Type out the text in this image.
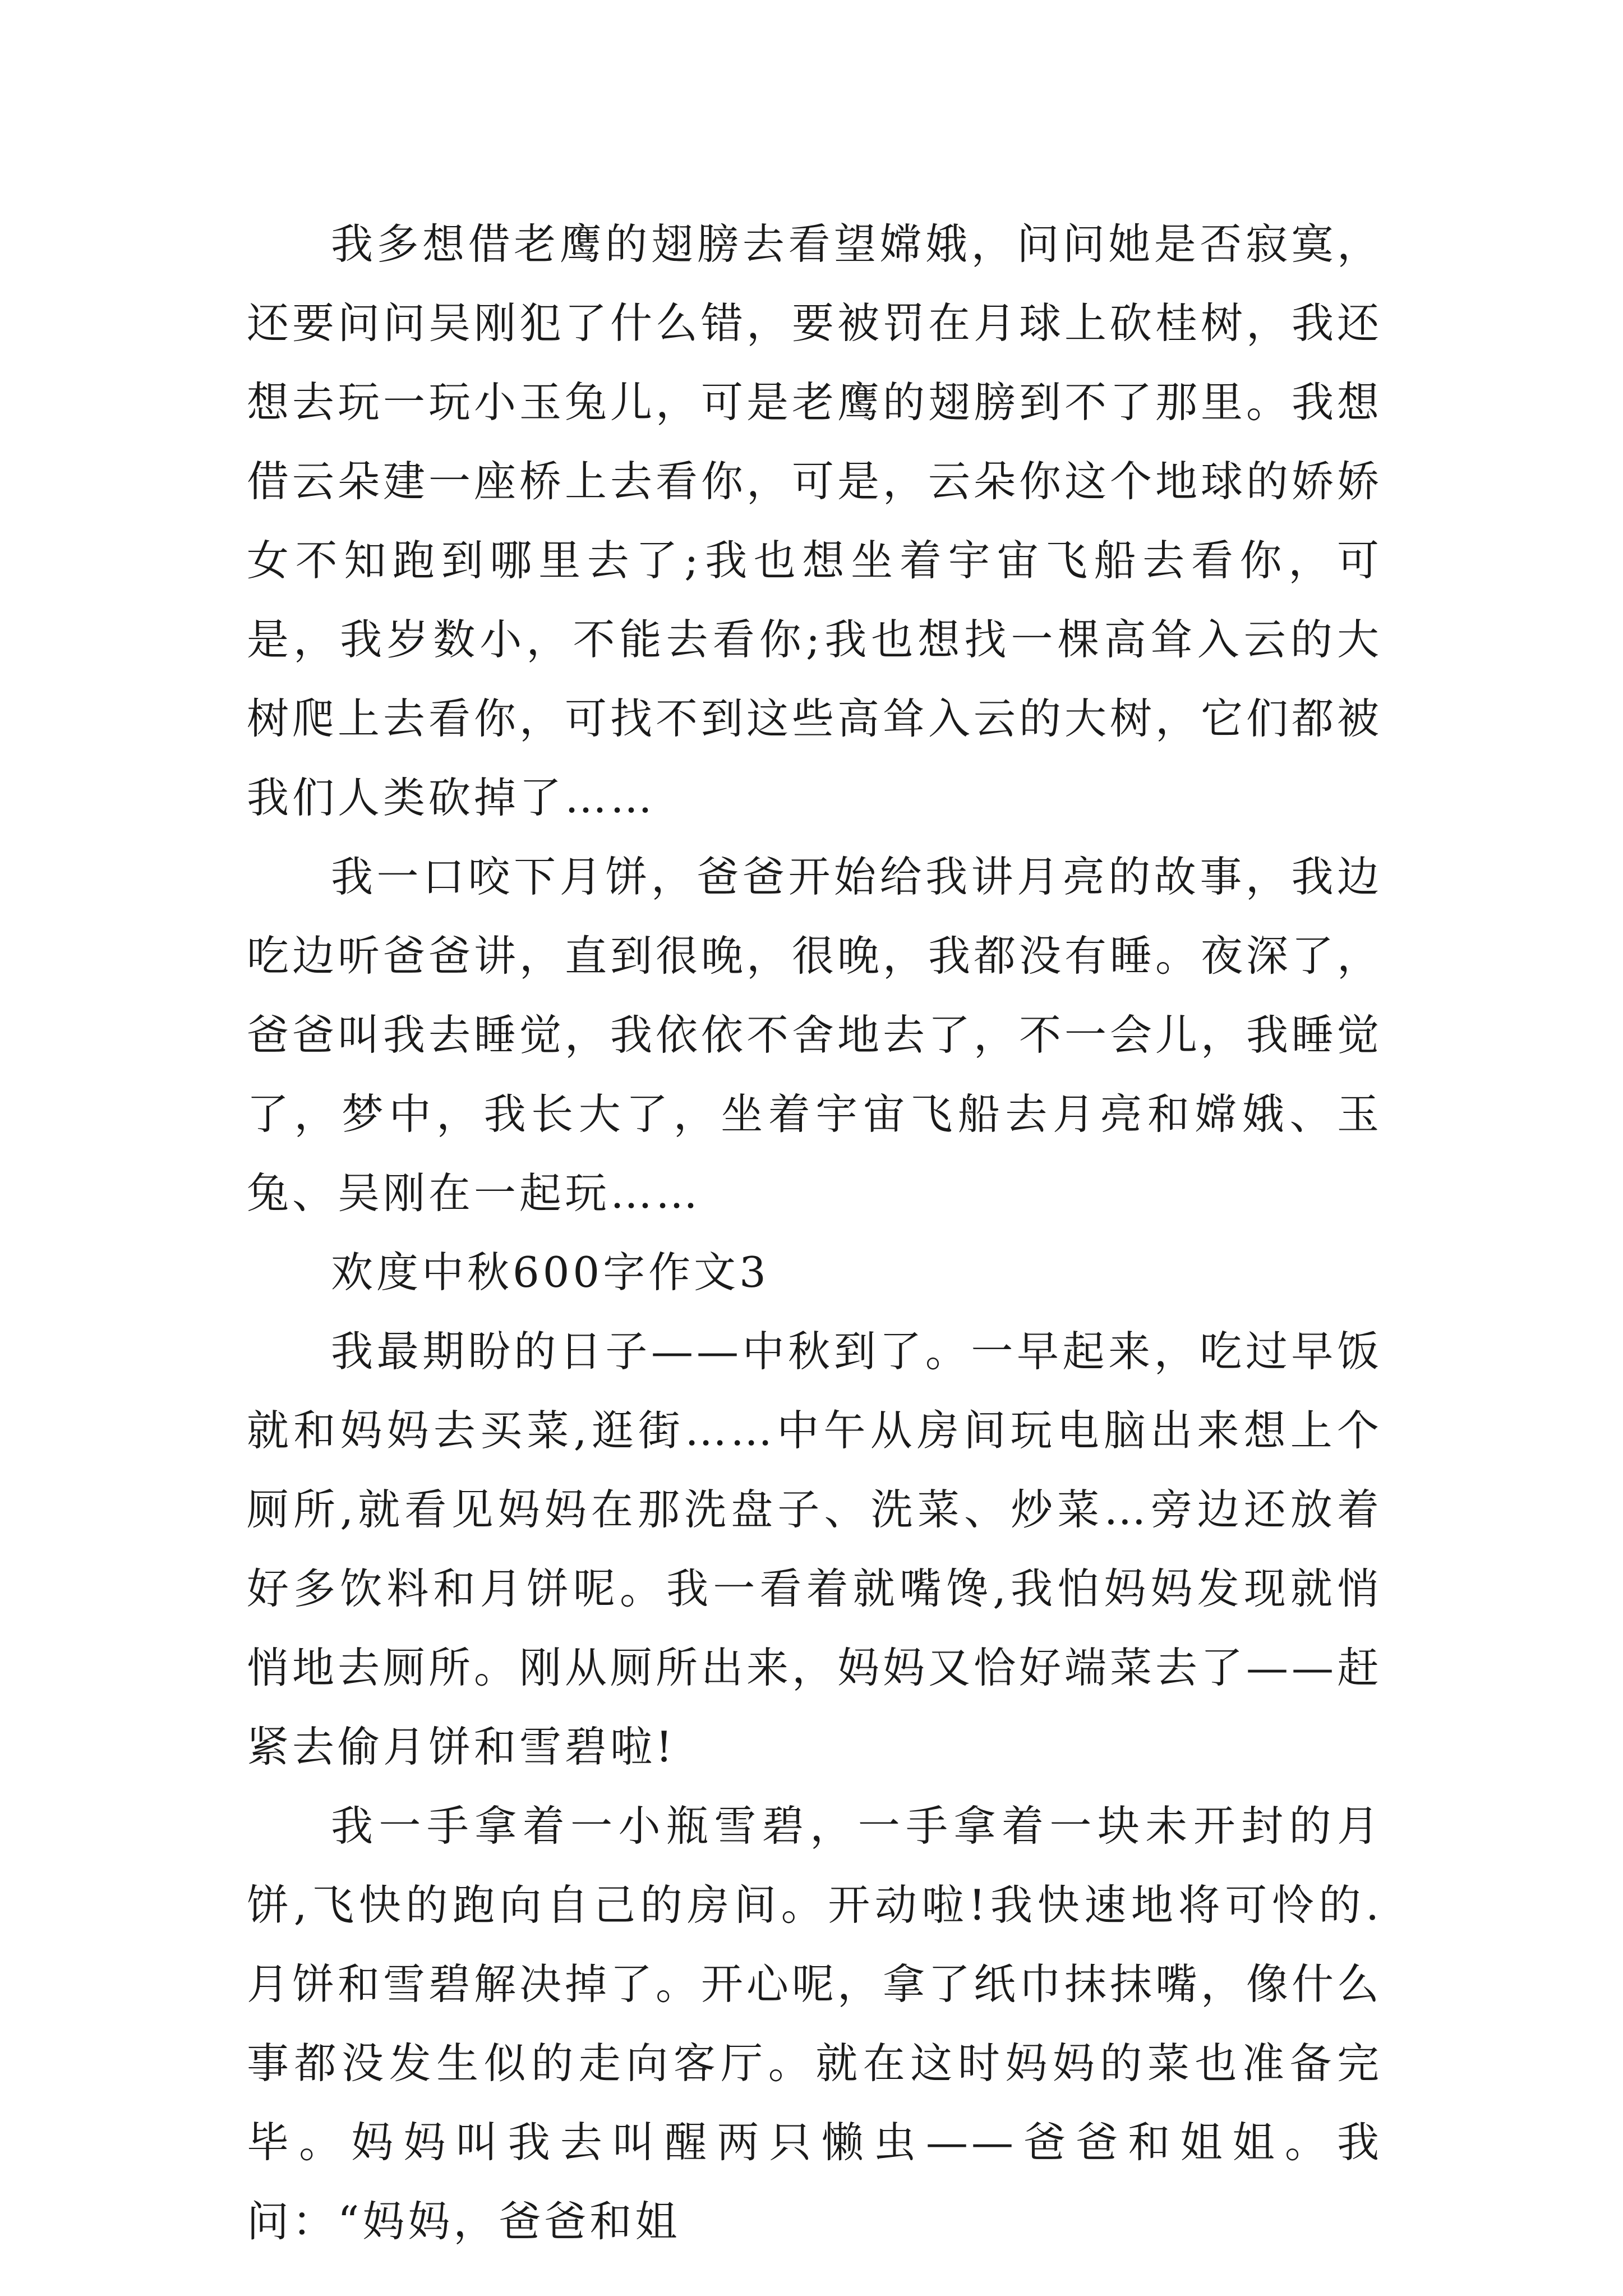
我多想借老鹰的翅膀去看望嫦娥，问问她是否寂寞，还要问问吴刚犯了什么错，要被罚在月球上砍桂树，我还想去玩一玩小玉兔儿，可是老鹰的翅膀到不了那里。我想借云朵建一座桥上去看你，可是，云朵你这个地球的娇娇女不知跑到哪里去了;我也想坐着宇宙飞船去看你，可是，我岁数小，不能去看你;我也想找一棵高耸入云的大树爬上去看你，可找不到这些高耸入云的大树，它们都被我们人类砍掉了……

我一口咬下月饼，爸爸开始给我讲月亮的故事，我边吃边听爸爸讲，直到很晚，很晚，我都没有睡。夜深了，爸爸叫我去睡觉，我依依不舍地去了，不一会儿，我睡觉了，梦中，我长大了，坐着宇宙飞船去月亮和嫦娥、玉兔、吴刚在一起玩……

欢度中秋600字作文3

我最期盼的日子——中秋到了。一早起来，吃过早饭就和妈妈去买菜,逛街……中午从房间玩电脑出来想上个厕所,就看见妈妈在那洗盘子、洗菜、炒菜…旁边还放着好多饮料和月饼呢。我一看着就嘴馋,我怕妈妈发现就悄悄地去厕所。刚从厕所出来，妈妈又恰好端菜去了——赶紧去偷月饼和雪碧啦!

我一手拿着一小瓶雪碧，一手拿着一块未开封的月饼,飞快的跑向自己的房间。开动啦!我快速地将可怜的.月饼和雪碧解决掉了。开心呢，拿了纸巾抹抹嘴，像什么事都没发生似的走向客厅。就在这时妈妈的菜也准备完毕。妈妈叫我去叫醒两只懒虫——爸爸和姐姐。我问：“妈妈，爸爸和姐
